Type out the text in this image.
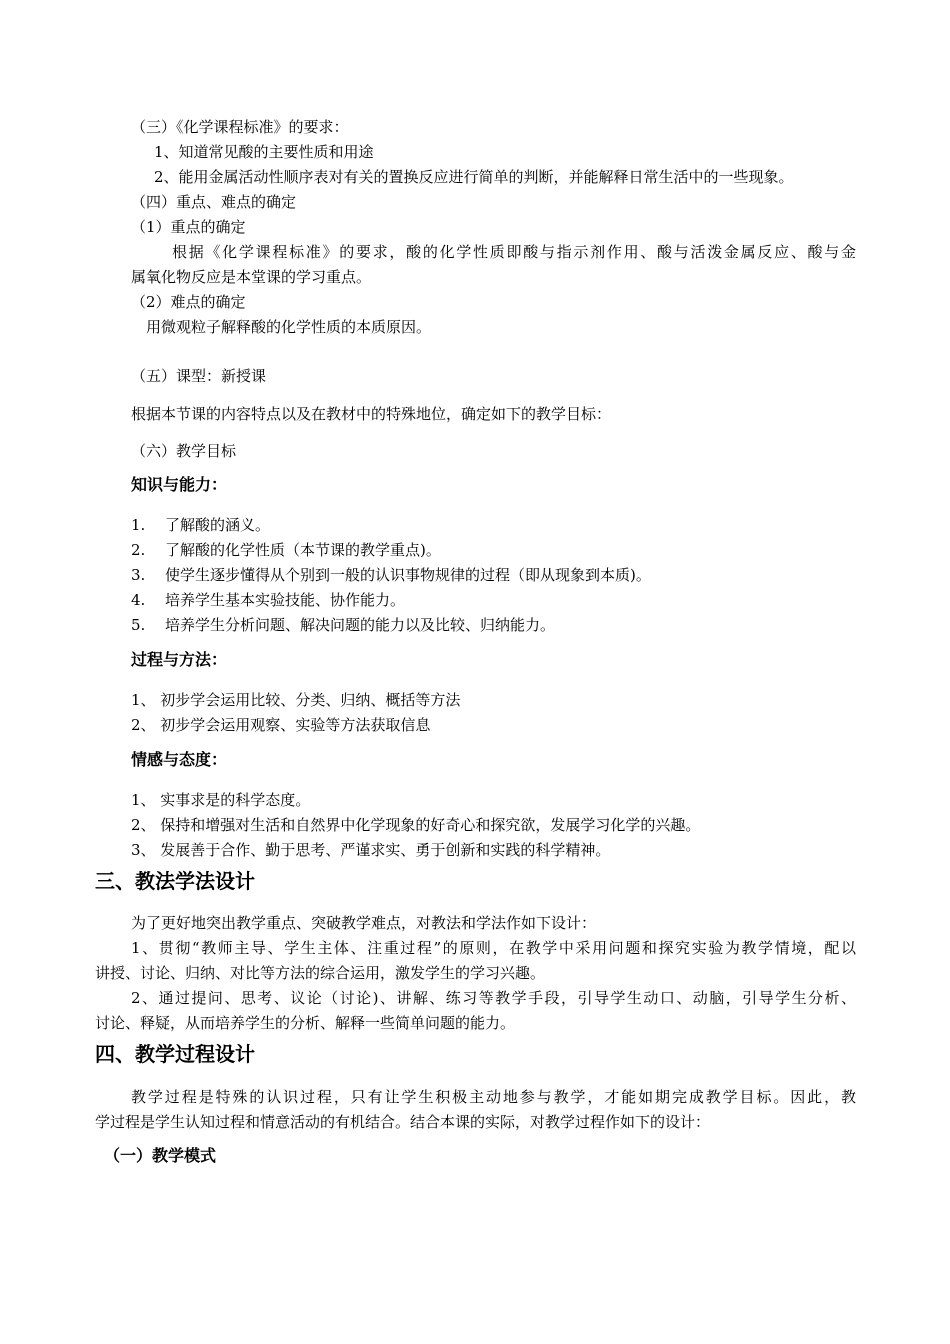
（三）《化学课程标准》的要求：
1、知道常见酸的主要性质和用途
2、能用金属活动性顺序表对有关的置换反应进行简单的判断，并能解释日常生活中的一些现象。
（四）重点、难点的确定
（1）重点的确定
根据《化学课程标准》的要求，酸的化学性质即酸与指示剂作用、酸与活泼金属反应、酸与金
属氧化物反应是本堂课的学习重点。
（2）难点的确定
用微观粒子解释酸的化学性质的本质原因。
（五）课型：新授课
根据本节课的内容特点以及在教材中的特殊地位，确定如下的教学目标：
（六）教学目标
知识与能力：
1. 了解酸的涵义。
2. 了解酸的化学性质（本节课的教学重点)。
3. 使学生逐步懂得从个别到一般的认识事物规律的过程（即从现象到本质)。
4. 培养学生基本实验技能、协作能力。
5. 培养学生分析问题、解决问题的能力以及比较、归纳能力。
过程与方法：
1、 初步学会运用比较、分类、归纳、概括等方法
2、 初步学会运用观察、实验等方法获取信息
情感与态度：
1、 实事求是的科学态度。
2、 保持和增强对生活和自然界中化学现象的好奇心和探究欲，发展学习化学的兴趣。
3、 发展善于合作、勤于思考、严谨求实、勇于创新和实践的科学精神。
三、教法学法设计
为了更好地突出教学重点、突破教学难点，对教法和学法作如下设计：
1、贯彻“教师主导、学生主体、注重过程”的原则，在教学中采用问题和探究实验为教学情境，配以
讲授、讨论、归纳、对比等方法的综合运用，激发学生的学习兴趣。
2、通过提问、思考、议论（讨论)、讲解、练习等教学手段，引导学生动口、动脑，引导学生分析、
讨论、释疑，从而培养学生的分析、解释一些简单问题的能力。
四、教学过程设计
教学过程是特殊的认识过程，只有让学生积极主动地参与教学，才能如期完成教学目标。因此，教
学过程是学生认知过程和情意活动的有机结合。结合本课的实际，对教学过程作如下的设计：
（一）教学模式
